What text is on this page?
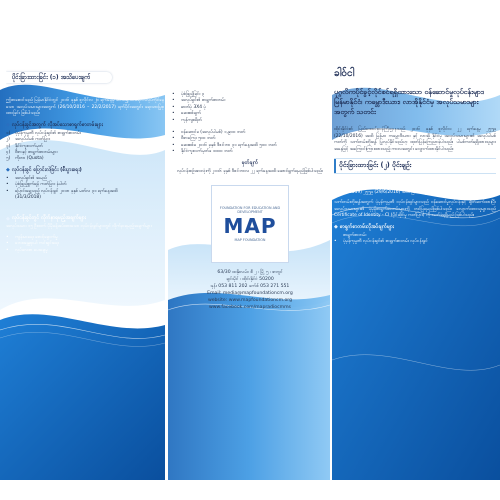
ပိုင်းခြားထားခြင်း (၁) အသိပေးချက်

ဤစာစောင်သည် မြန်မာနိုင်ငံတွင် ၂၀၁၆ ခုနှစ် ဇူလိုင်လ ၂၆ ရက်နေ့မှ စတင်၍ ဝင်ရောက်လုပ်ကိုင်နေသော အလုပ်သမားများအတွက် (26/10/2016 – 22/2/2017) ရက်ပိုင်းအတွင်း ရေးသားပြုစုထားခြင်း ဖြစ်ပါသည်။

◆ လုပ်ငန်းခွင်အတွက် လိုအပ်သောစာရွက်စာတမ်းများ
၁)	ပုံမှန်ကုမ္ပဏီ လုပ်ငန်းရှင်၏ စာရွက်စာတမ်း
၂)	အလုပ်ပါမစ် ကတ်ပြား
၃)	နိုင်ငံကူးလက်မှတ်
၄)	ဗီဇာနှင့် စာရွက်စာတမ်းများ
၅)	ကိုတာ (Quota)
◆ လုပ်ငန်းခွင် ပြောင်းလဲခြင်း (စီးပွားရေး)
•	အလုပ်ရှင်၏ အမည်
•	ပုံစံဖြည့်စွက်ရန် ကတ်ပြား နံပါတ်
•	ပြောင်းရွှေ့သည့် လုပ်ငန်းခွင် ၂၀၁၈ ခုနှစ် မတ်လ ၃၁ ရက်နေ့အထိ
(31/3/2018)
◆ လုပ်ငန်းခွင်တွင် လိုက်နာရမည့်အချက်များ

အလုပ်သမား ၁၅ ဦးထက် ပိုမိုခန့်အပ်ထားသော လုပ်ငန်းခွင်များတွင် လိုက်နာရမည့်အချက်များ

•	ကျန်းမာရေး စောင့်ရှောက်မှု
•	ဘေးအန္တရာယ် ကင်းရှင်းရေး
•	လုပ်ခလစာ ပေးချေမှု
•	ပုံစံဖြည့်ခြင်း ၃
•	အလုပ်ရှင်၏ စာရွက်စာတမ်း
•	ဓာတ်ပုံ 3X4 ပုံ
•	ဆေးစစ်ချက်
•	ကုန်ကျစရိတ်
•	ဝန်ဆောင်ခ (အလုပ်ပါမစ်) ၁,၉၀၀ ဘတ်
•	ဗီဇာကြေး ၅၀၀ ဘတ်
•	ဆေးစစ်ခ ၂၀၁၆ ခုနှစ် ဒီဇင်ဘာ ၃၁ ရက်နေ့အထိ ၅၀၀ ဘတ်
•	နိုင်ငံကူးလက်မှတ်ခ ၁၀၀၀ ဘတ်
မှတ်ချက်

လုပ်ငန်းစဉ်အားလုံးကို ၂၀၁၆ ခုနှစ် ဒီဇင်ဘာလ ၂၂ ရက်နေ့အထိ ဆောင်ရွက်ရမည်ဖြစ်ပါသည်။

FOUNDATION FOR EDUCATION AND DEVELOPMENT
MAP
MAP FOUNDATION
63/30 ထနိုးလမ်း၊ စီ ၂ ၊ မြို့ ၅ ၊ ဇာဂျင်
ချင်းမိုင် ၊ ထိုင်းနိုင်ငံ 50200
ဖုန်း 053 811 202 ဖက်စ် 053 271 551
Email: media@mapfoundationcm.org
website: www.mapfoundationcm.org
www.facebook.com/mapradiocmms
ခါဝ်ငါ
ပုဂ္ဂလိကပိုင်ခွင့်လိုင်စင်ရရှိထားသော ဝန်ဆောင်မှုလုပ်ငန်းများ၊ မြန်မာနိုင်ငံ၊ ကမ္ဘောဒီးယား၊ လာအိုနိုင်ငံမှ အလုပ်သမားများအတွက် သတင်း

ထိုင်းနိုင်ငံ၏ ပြည်ထောင်စုဝန်ကြီးဌာနသည် ၂၀၁၆ ခုနှစ် ဇူလိုင်လ ၂၂ ရက်နေ့မှ ၂၅၅၉ (22/10/2016) အထိ မြန်မာ၊ ကမ္ဘောဒီးယား နှင့် လာအို နိုင်ငံမှ အလုပ်သမားများ၏ အလုပ်ပါမစ်ကတ်ကို သက်တမ်းတိုးရန် ပြုလုပ်နိုင်သည်ဟု ထုတ်ပြန်ကြေညာခဲ့ပါသည်။ ပါမစ်ကတ်ရရှိထားသူများအနေဖြင့် အကြောင်းကြားထားသည့် ကာလအတွင်း လျှောက်ထားနိုင်ပါသည်။

ပိုင်းခြားထားခြင်း (၂) ပိုင်းချဉ်း

ထိုင်းနိုင်ငံ၏ အလုပ်သမားဝန်ကြီးဌာနသည် (မြန်မာ၊ ကမ္ဘောဒီးယား၊ လာအို) နိုင်ငံသားများအတွက် အလုပ်ပါမစ်ကတ်ကို ထပ်မံသက်တမ်းတိုးမည်ဖြစ်ပြီး ပုံမှန်အားဖြင့် ၂၀၁၆ ခုနှစ် ဇူလိုင်လ ၂၉ ရက်နေ့ (2557–2559) ၂၅၅၉ (29/6/2016) အထိ ဖြစ်ပါသည်။

သက်တမ်းတိုးရန်အတွက် ပုံမှန်ကုမ္ပဏီ လုပ်ငန်းရှင်များသည် ဝန်ဆောင်မှုလုပ်ငန်းနှင့် ချိတ်ဆက်ထားပြီး အလုပ်သမားများ၏ ပုံမှန်စာရွက်စာတမ်းများကို တင်ပြရမည်ဖြစ်ပါသည်။ လျှောက်ထားသူများသည် Certificate of Identity - CI (ပိုင်ဆိုင်မှု ကတ်ပြား) ကို လက်ခံရရှိမည် ဖြစ်ပါသည်။

◆ စာရွက်စာတမ်းလိုအပ်ချက်များ
စာရွက်စာတမ်း
•	ပုံမှန်ကုမ္ပဏီ လုပ်ငန်းရှင်၏ စာရွက်စာတမ်း လုပ်ငန်းခွင်
